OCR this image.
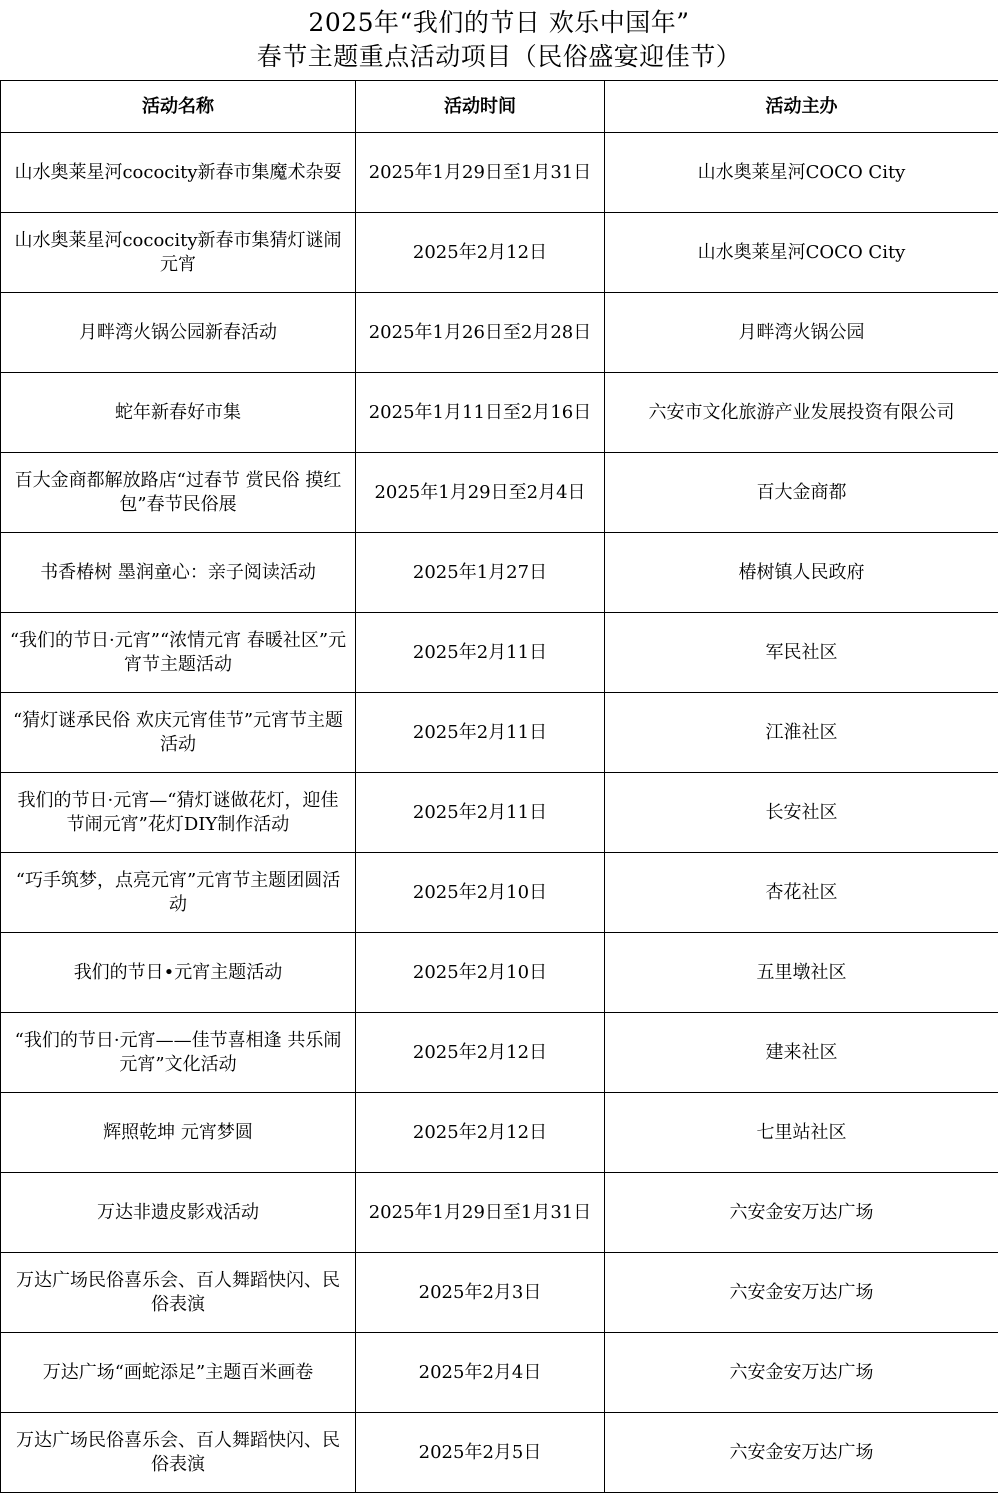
2025年“我们的节日 欢乐中国年”
春节主题重点活动项目（民俗盛宴迎佳节）
活动名称	活动时间	活动主办
山水奥莱星河cococity新春市集魔术杂耍	2025年1月29日至1月31日	山水奥莱星河COCO City
山水奥莱星河cococity新春市集猜灯谜闹元宵	2025年2月12日	山水奥莱星河COCO City
月畔湾火锅公园新春活动	2025年1月26日至2月28日	月畔湾火锅公园
蛇年新春好市集	2025年1月11日至2月16日	六安市文化旅游产业发展投资有限公司
百大金商都解放路店“过春节 赏民俗 摸红包”春节民俗展	2025年1月29日至2月4日	百大金商都
书香椿树 墨润童心：亲子阅读活动	2025年1月27日	椿树镇人民政府
“我们的节日·元宵”“浓情元宵 春暖社区”元宵节主题活动	2025年2月11日	军民社区
“猜灯谜承民俗 欢庆元宵佳节”元宵节主题活动	2025年2月11日	江淮社区
我们的节日·元宵—“猜灯谜做花灯，迎佳节闹元宵”花灯DIY制作活动	2025年2月11日	长安社区
“巧手筑梦，点亮元宵”元宵节主题团圆活动	2025年2月10日	杏花社区
我们的节日•元宵主题活动	2025年2月10日	五里墩社区
“我们的节日·元宵——佳节喜相逢 共乐闹元宵”文化活动	2025年2月12日	建来社区
辉照乾坤 元宵梦圆	2025年2月12日	七里站社区
万达非遗皮影戏活动	2025年1月29日至1月31日	六安金安万达广场
万达广场民俗喜乐会、百人舞蹈快闪、民俗表演	2025年2月3日	六安金安万达广场
万达广场“画蛇添足”主题百米画卷	2025年2月4日	六安金安万达广场
万达广场民俗喜乐会、百人舞蹈快闪、民俗表演	2025年2月5日	六安金安万达广场
